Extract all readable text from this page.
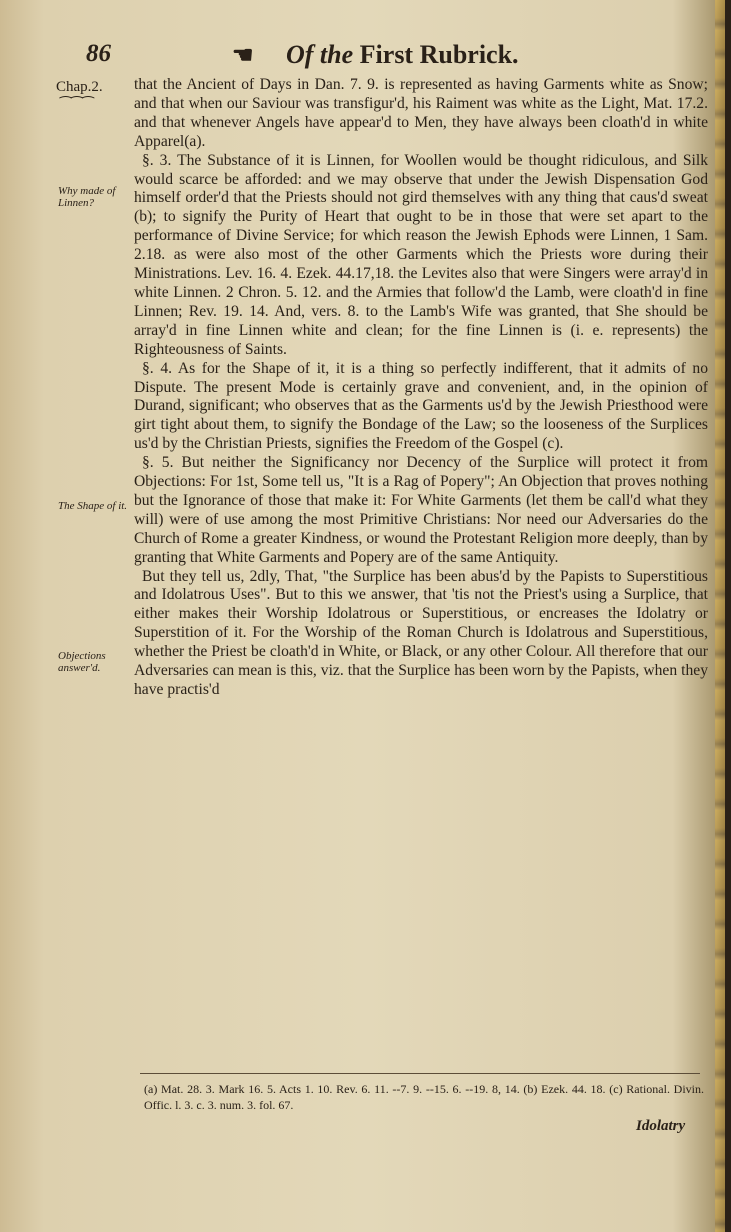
86	☚ Of the First Rubrick.
Chap.2.
⁀⁀⁀
Why made of Linnen?
The Shape of it.
Objections answer'd.

that the Ancient of Days in Dan. 7. 9. is represented as having Garments white as Snow; and that when our Saviour was transfigur'd, his Raiment was white as the Light, Mat. 17.2. and that whenever Angels have appear'd to Men, they have always been cloath'd in white Apparel(a).

§. 3. The Substance of it is Linnen, for Woollen would be thought ridiculous, and Silk would scarce be afforded: and we may observe that under the Jewish Dispensation God himself order'd that the Priests should not gird themselves with any thing that caus'd sweat (b); to signify the Purity of Heart that ought to be in those that were set apart to the performance of Divine Service; for which reason the Jewish Ephods were Linnen, 1 Sam. 2.18. as were also most of the other Garments which the Priests wore during their Ministrations. Lev. 16. 4. Ezek. 44.17,18. the Levites also that were Singers were array'd in white Linnen. 2 Chron. 5. 12. and the Armies that follow'd the Lamb, were cloath'd in fine Linnen; Rev. 19. 14. And, vers. 8. to the Lamb's Wife was granted, that She should be array'd in fine Linnen white and clean; for the fine Linnen is (i. e. represents) the Righteousness of Saints.

§. 4. As for the Shape of it, it is a thing so perfectly indifferent, that it admits of no Dispute. The present Mode is certainly grave and convenient, and, in the opinion of Durand, significant; who observes that as the Garments us'd by the Jewish Priesthood were girt tight about them, to signify the Bondage of the Law; so the looseness of the Surplices us'd by the Christian Priests, signifies the Freedom of the Gospel (c).

§. 5. But neither the Significancy nor Decency of the Surplice will protect it from Objections: For 1st, Some tell us, "It is a Rag of Popery"; An Objection that proves nothing but the Ignorance of those that make it: For White Garments (let them be call'd what they will) were of use among the most Primitive Christians: Nor need our Adversaries do the Church of Rome a greater Kindness, or wound the Protestant Religion more deeply, than by granting that White Garments and Popery are of the same Antiquity.

But they tell us, 2dly, That, "the Surplice has been abus'd by the Papists to Superstitious and Idolatrous Uses". But to this we answer, that 'tis not the Priest's using a Surplice, that either makes their Worship Idolatrous or Superstitious, or encreases the Idolatry or Superstition of it. For the Worship of the Roman Church is Idolatrous and Superstitious, whether the Priest be cloath'd in White, or Black, or any other Colour. All therefore that our Adversaries can mean is this, viz. that the Surplice has been worn by the Papists, when they have practis'd

(a) Mat. 28. 3. Mark 16. 5. Acts 1. 10. Rev. 6. 11. --7. 9. --15. 6. --19. 8, 14. (b) Ezek. 44. 18. (c) Rational. Divin. Offic. l. 3. c. 3. num. 3. fol. 67.
Idolatry
